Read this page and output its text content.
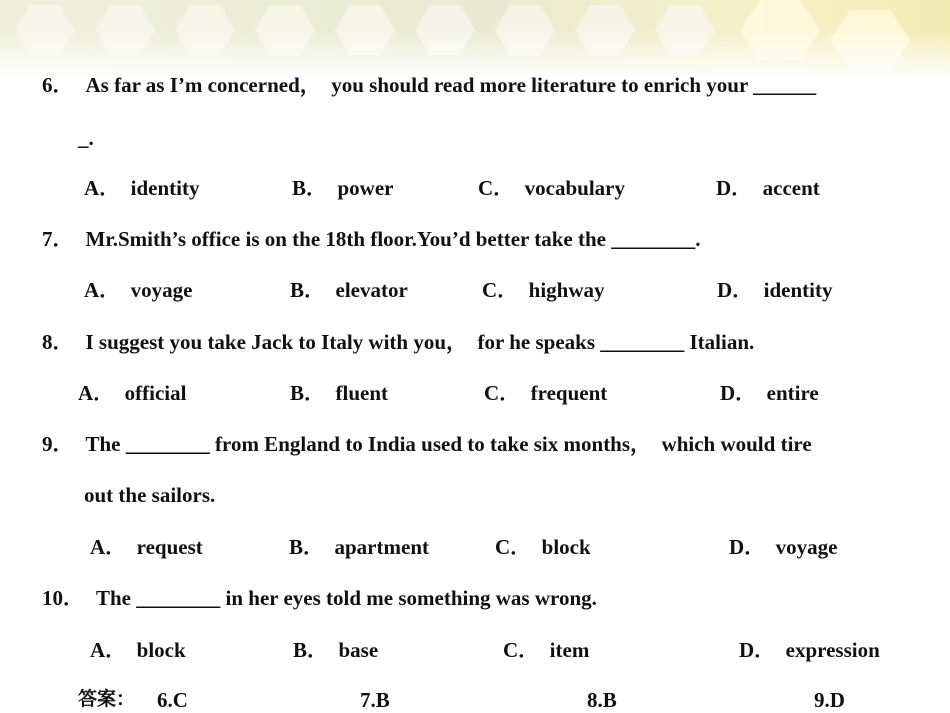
6． As far as I’m concerned，  you should read more literature to enrich your ______
_.
A．  identity	B．  power	C．  vocabulary	D．  accent
7． Mr.Smith’s office is on the 18th floor.You’d better take the ________.
A．  voyage	B．  elevator	C．  highway	D．  identity
8． I suggest you take Jack to Italy with you，  for he speaks ________ Italian.
A．  official	B．  fluent	C．  frequent	D．  entire
9． The ________ from England to India used to take six months，  which would tire
out the sailors.
A．  request	B．  apartment	C．  block	D．  voyage
10． The ________ in her eyes told me something was wrong.
A．  block	B．  base	C．  item	D．  expression
答案： 6.C	7.B	8.B	9.D
